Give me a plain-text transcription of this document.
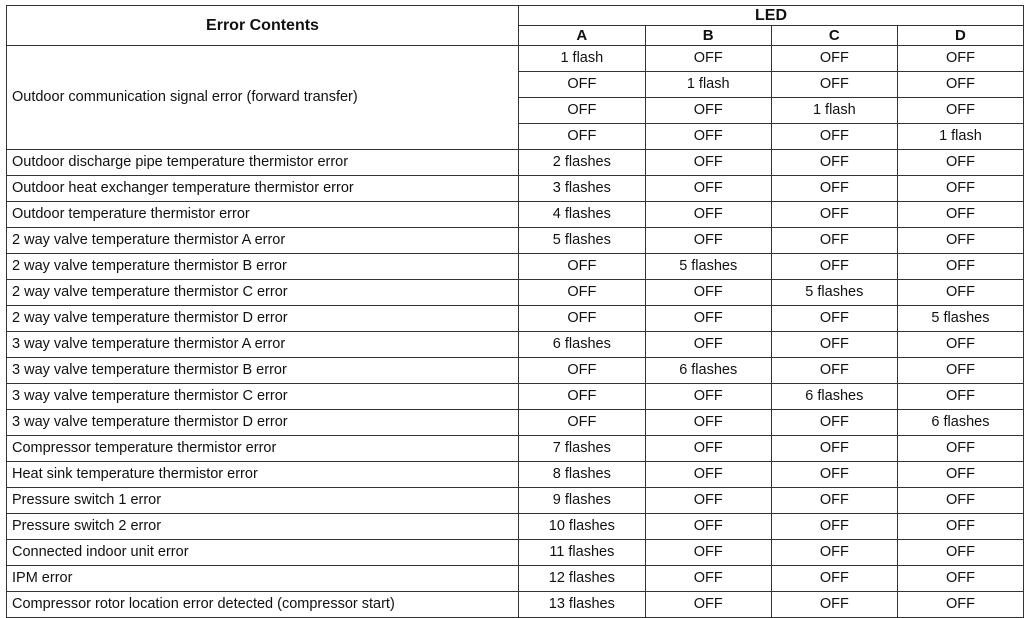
Error Contents	LED			
	A	B	C	D
Outdoor communication signal error (forward transfer)	1 flash	OFF	OFF	OFF
	OFF	1 flash	OFF	OFF
	OFF	OFF	1 flash	OFF
	OFF	OFF	OFF	1 flash
Outdoor discharge pipe temperature thermistor error	2 flashes	OFF	OFF	OFF
Outdoor heat exchanger temperature thermistor error	3 flashes	OFF	OFF	OFF
Outdoor temperature thermistor error	4 flashes	OFF	OFF	OFF
2 way valve temperature thermistor A error	5 flashes	OFF	OFF	OFF
2 way valve temperature thermistor B error	OFF	5 flashes	OFF	OFF
2 way valve temperature thermistor C error	OFF	OFF	5 flashes	OFF
2 way valve temperature thermistor D error	OFF	OFF	OFF	5 flashes
3 way valve temperature thermistor A error	6 flashes	OFF	OFF	OFF
3 way valve temperature thermistor B error	OFF	6 flashes	OFF	OFF
3 way valve temperature thermistor C error	OFF	OFF	6 flashes	OFF
3 way valve temperature thermistor D error	OFF	OFF	OFF	6 flashes
Compressor temperature thermistor error	7 flashes	OFF	OFF	OFF
Heat sink temperature thermistor error	8 flashes	OFF	OFF	OFF
Pressure switch 1 error	9 flashes	OFF	OFF	OFF
Pressure switch 2 error	10 flashes	OFF	OFF	OFF
Connected indoor unit error	11 flashes	OFF	OFF	OFF
IPM error	12 flashes	OFF	OFF	OFF
Compressor rotor location error detected (compressor start)	13 flashes	OFF	OFF	OFF
